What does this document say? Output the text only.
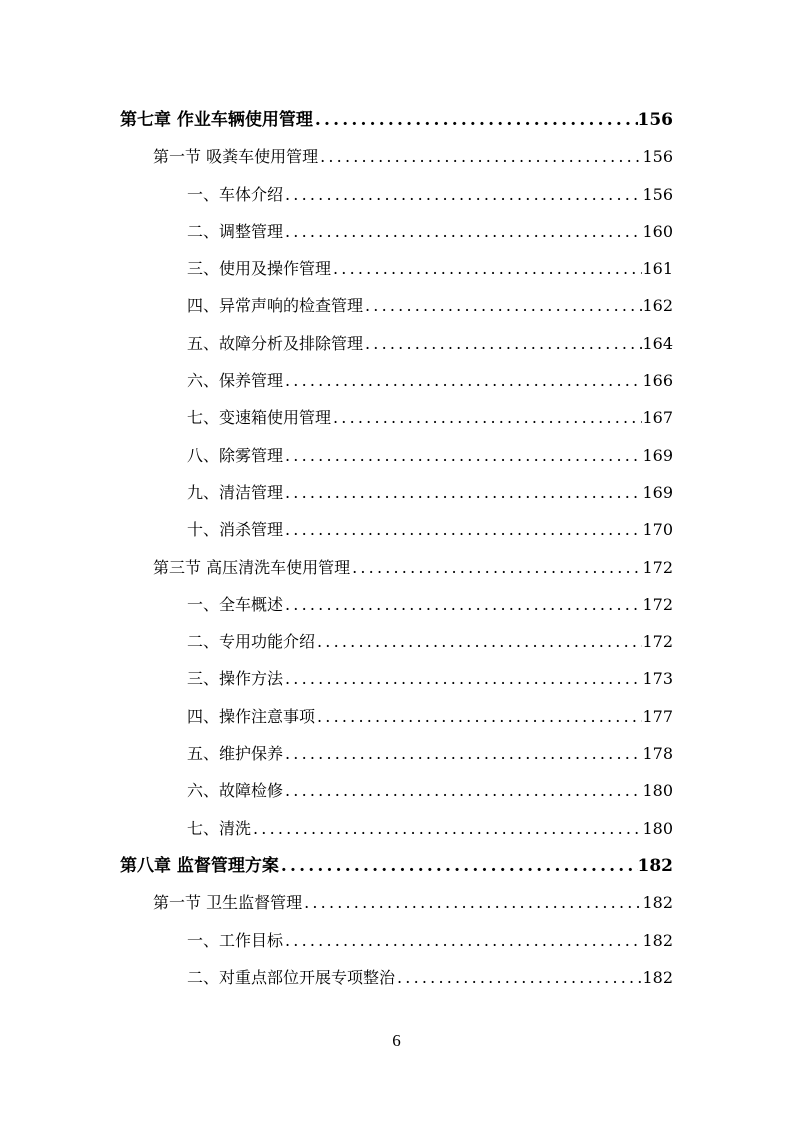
第七章 作业车辆使用管理 .....	156
第一节 吸粪车使用管理 .....	156
一、车体介绍 .....	156
二、调整管理 .....	160
三、使用及操作管理 .....	161
四、异常声响的检查管理 .....	162
五、故障分析及排除管理 .....	164
六、保养管理 .....	166
七、变速箱使用管理 .....	167
八、除雾管理 .....	169
九、清洁管理 .....	169
十、消杀管理 .....	170
第三节 高压清洗车使用管理 .....	172
一、全车概述 .....	172
二、专用功能介绍 .....	172
三、操作方法 .....	173
四、操作注意事项 .....	177
五、维护保养 .....	178
六、故障检修 .....	180
七、清洗 .....	180
第八章 监督管理方案 .....	182
第一节 卫生监督管理 .....	182
一、工作目标 .....	182
二、对重点部位开展专项整治 .....	182
6
